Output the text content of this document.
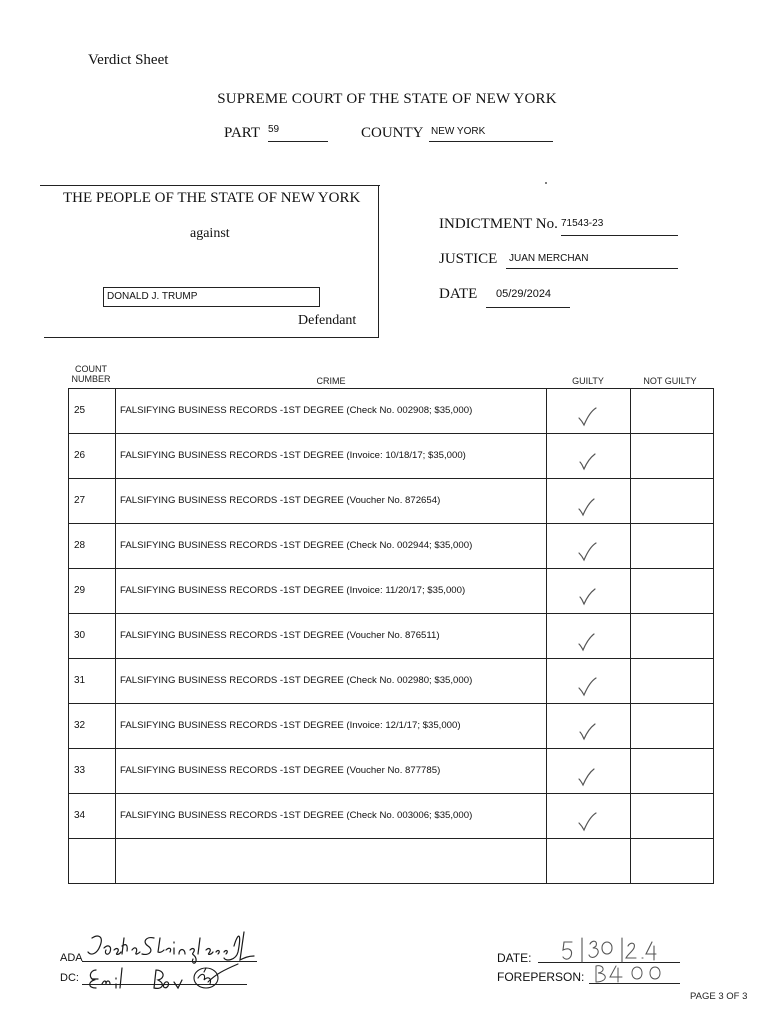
Verdict Sheet
SUPREME COURT OF THE STATE OF NEW YORK
PART 59	COUNTY NEW YORK
THE PEOPLE OF THE STATE OF NEW YORK
against
DONALD J. TRUMP
Defendant
INDICTMENT No. 71543-23
JUSTICE	JUAN MERCHAN
DATE	05/29/2024
COUNT
NUMBER	CRIME	GUILTY	NOT GUILTY
25	FALSIFYING BUSINESS RECORDS -1ST DEGREE (Check No. 002908; $35,000)	

26	FALSIFYING BUSINESS RECORDS -1ST DEGREE (Invoice: 10/18/17; $35,000)	

27	FALSIFYING BUSINESS RECORDS -1ST DEGREE (Voucher No. 872654)	

28	FALSIFYING BUSINESS RECORDS -1ST DEGREE (Check No. 002944; $35,000)	

29	FALSIFYING BUSINESS RECORDS -1ST DEGREE (Invoice: 11/20/17; $35,000)	

30	FALSIFYING BUSINESS RECORDS -1ST DEGREE (Voucher No. 876511)	

31	FALSIFYING BUSINESS RECORDS -1ST DEGREE (Check No. 002980; $35,000)	

32	FALSIFYING BUSINESS RECORDS -1ST DEGREE (Invoice: 12/1/17; $35,000)	

33	FALSIFYING BUSINESS RECORDS -1ST DEGREE (Voucher No. 877785)	

34	FALSIFYING BUSINESS RECORDS -1ST DEGREE (Check No. 003006; $35,000)	

ADA
DC:
DATE:
FOREPERSON:
PAGE 3 OF 3
